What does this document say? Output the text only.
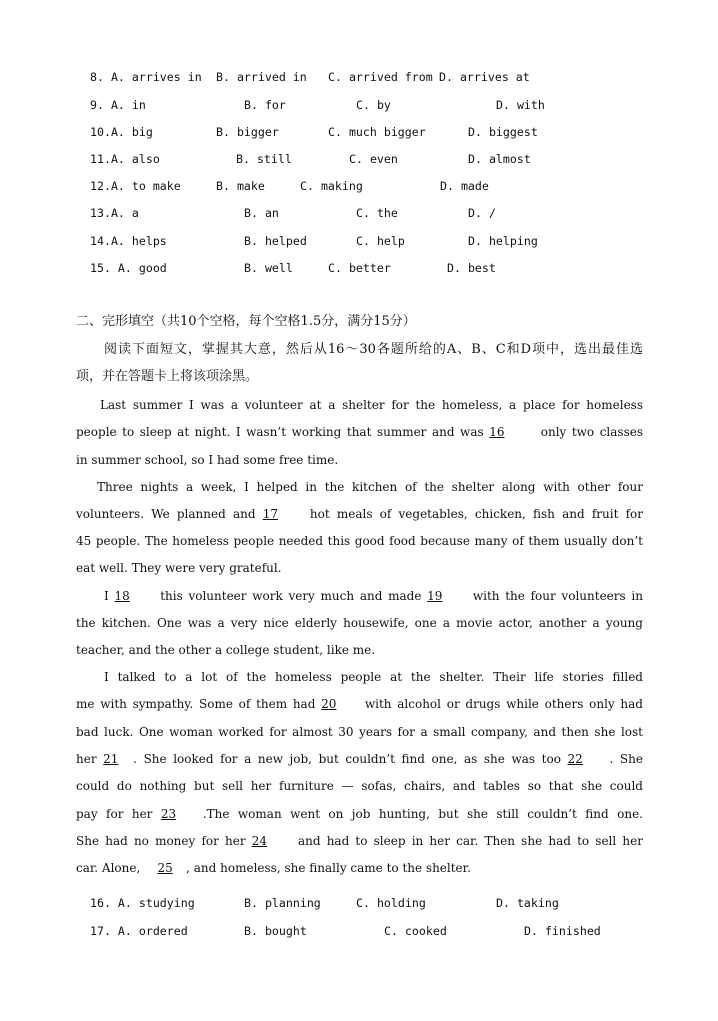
8. A. arrives in B. arrived in C. arrived from D. arrives at
9. A. in	B. for	C. by	D. with
10.A. big	B. bigger	C. much bigger	D. biggest
11.A. also	B. still	C. even	D. almost
12.A. to make	B. make	C. making	D. made
13.A. a	B. an	C. the	D. /
14.A. helps	B. helped	C. help	D. helping
15. A. good	B. well	C. better	D. best
二、完形填空（共10个空格，每个空格1.5分，满分15分）
阅读下面短文，掌握其大意，然后从16～30各题所给的A、B、C和D项中，选出最佳选
项，并在答题卡上将该项涂黑。
Last summer I was a volunteer at a shelter for the homeless, a place for homeless
people to sleep at night. I wasn’t working that summer and was 16	only two classes
in summer school, so I had some free time.
Three nights a week, I helped in the kitchen of the shelter along with other four
volunteers. We planned and 17	hot meals of vegetables, chicken, fish and fruit for
45 people. The homeless people needed this good food because many of them usually don’t
eat well. They were very grateful.
I 18	this volunteer work very much and made 19	with the four volunteers in
the kitchen. One was a very nice elderly housewife, one a movie actor, another a young
teacher, and the other a college student, like me.
I talked to a lot of the homeless people at the shelter. Their life stories filled
me with sympathy. Some of them had 20 with alcohol or drugs while others only had
bad luck. One woman worked for almost 30 years for a small company, and then she lost
her 21 . She looked for a new job, but couldn’t find one, as she was too 22 . She
could do nothing but sell her furniture — sofas, chairs, and tables so that she could
pay for her 23 .The woman went on job hunting, but she still couldn’t find one.
She had no money for her 24	and had to sleep in her car. Then she had to sell her
car. Alone, 25 , and homeless, she finally came to the shelter.
16. A. studying	B. planning	C. holding	D. taking
17. A. ordered	B. bought	C. cooked	D. finished
